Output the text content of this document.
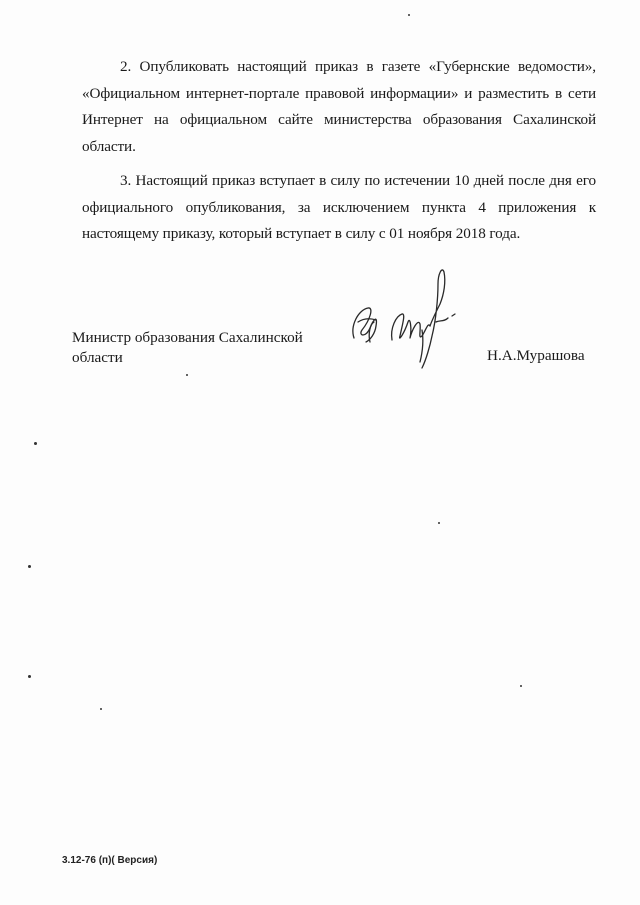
2. Опубликовать настоящий приказ в газете «Губернские ведомости», «Официальном интернет-портале правовой информации» и разместить в сети Интернет на официальном сайте министерства образования Сахалинской области.

3. Настоящий приказ вступает в силу по истечении 10 дней после дня его официального опубликования, за исключением пункта 4 приложения к настоящему приказу, который вступает в силу с 01 ноября 2018 года.

Министр образования Сахалинской
области	Н.А.Мурашова
3.12-76 (п)( Версия)
